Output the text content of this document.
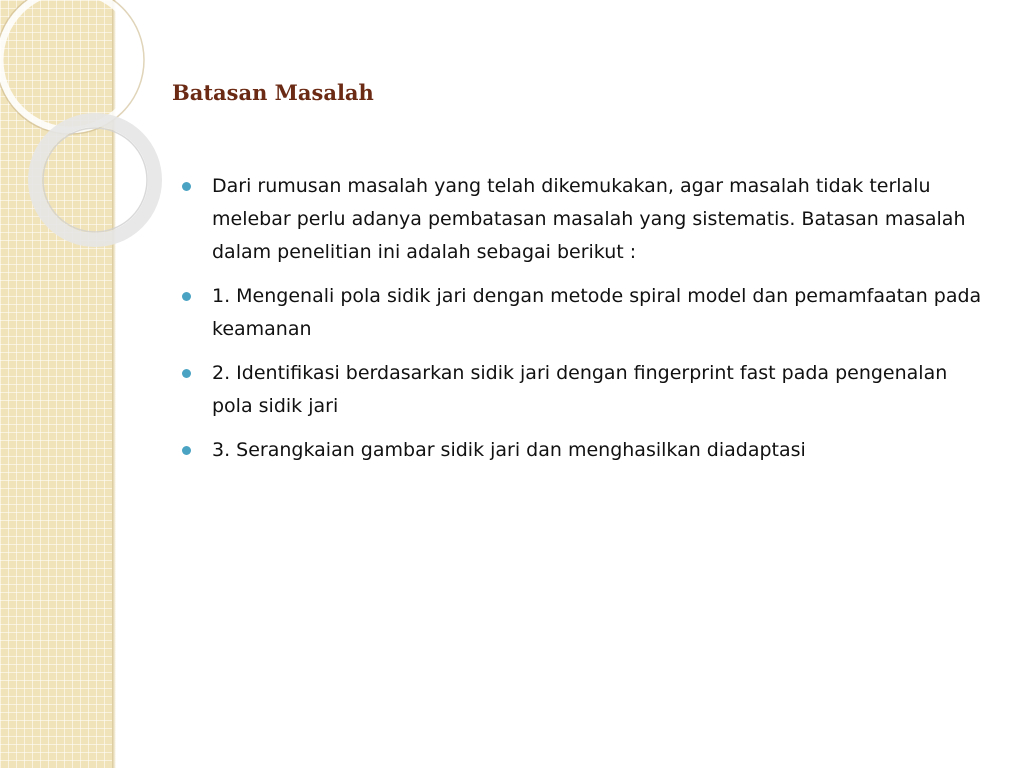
Batasan Masalah
Dari rumusan masalah yang telah dikemukakan, agar masalah tidak terlalu melebar perlu adanya pembatasan masalah yang sistematis. Batasan masalah dalam penelitian ini adalah sebagai berikut :
1. Mengenali pola sidik jari dengan metode spiral model dan pemamfaatan pada keamanan
2. Identifikasi berdasarkan sidik jari dengan fingerprint fast pada pengenalan pola sidik jari
3. Serangkaian gambar sidik jari dan menghasilkan diadaptasi
